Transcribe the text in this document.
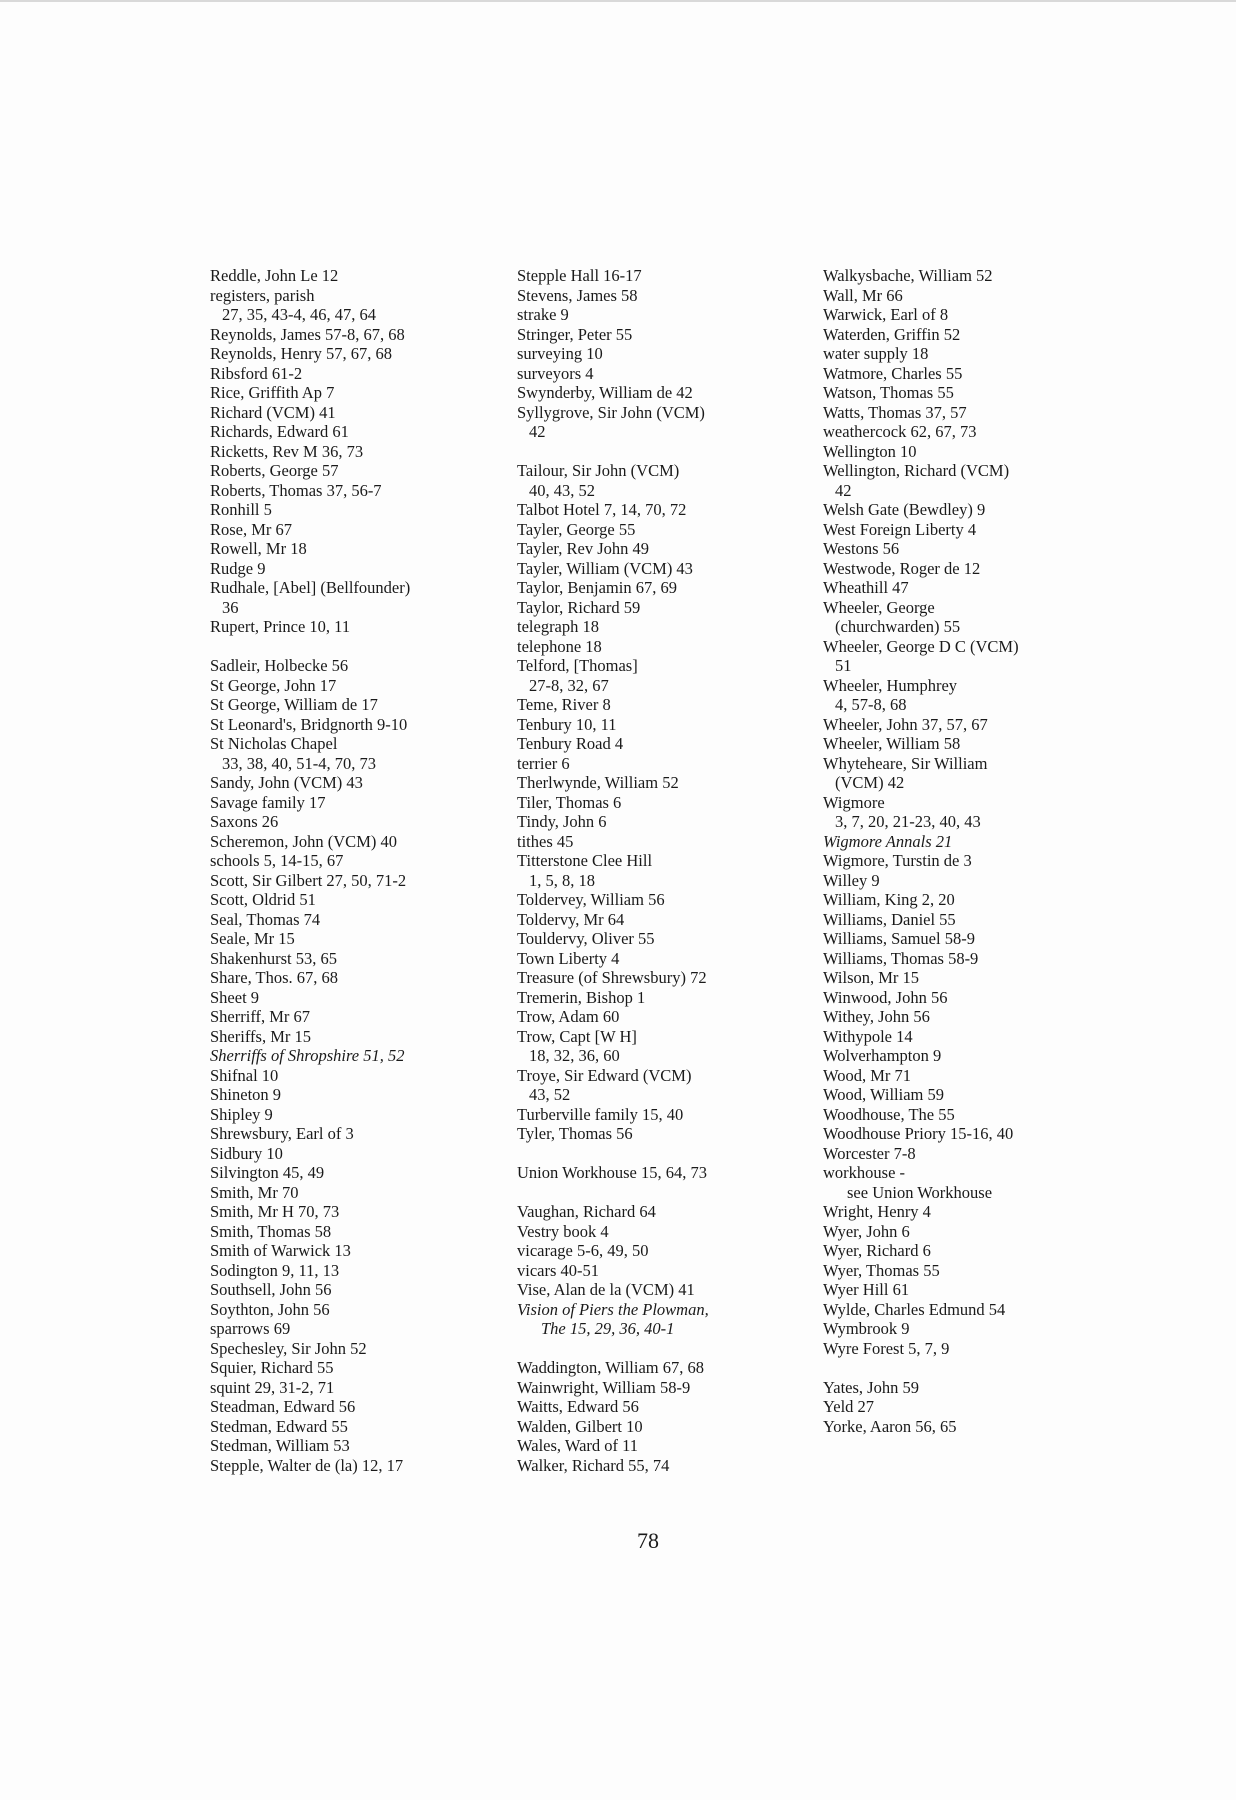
Reddle, John Le 12
registers, parish
27, 35, 43-4, 46, 47, 64
Reynolds, James 57-8, 67, 68
Reynolds, Henry 57, 67, 68
Ribsford 61-2
Rice, Griffith Ap 7
Richard (VCM) 41
Richards, Edward 61
Ricketts, Rev M 36, 73
Roberts, George 57
Roberts, Thomas 37, 56-7
Ronhill 5
Rose, Mr 67
Rowell, Mr 18
Rudge 9
Rudhale, [Abel] (Bellfounder)
36
Rupert, Prince 10, 11
Sadleir, Holbecke 56
St George, John 17
St George, William de 17
St Leonard's, Bridgnorth 9-10
St Nicholas Chapel
33, 38, 40, 51-4, 70, 73
Sandy, John (VCM) 43
Savage family 17
Saxons 26
Scheremon, John (VCM) 40
schools 5, 14-15, 67
Scott, Sir Gilbert 27, 50, 71-2
Scott, Oldrid 51
Seal, Thomas 74
Seale, Mr 15
Shakenhurst 53, 65
Share, Thos. 67, 68
Sheet 9
Sherriff, Mr 67
Sheriffs, Mr 15
Sherriffs of Shropshire 51, 52
Shifnal 10
Shineton 9
Shipley 9
Shrewsbury, Earl of 3
Sidbury 10
Silvington 45, 49
Smith, Mr 70
Smith, Mr H 70, 73
Smith, Thomas 58
Smith of Warwick 13
Sodington 9, 11, 13
Southsell, John 56
Soythton, John 56
sparrows 69
Spechesley, Sir John 52
Squier, Richard 55
squint 29, 31-2, 71
Steadman, Edward 56
Stedman, Edward 55
Stedman, William 53
Stepple, Walter de (la) 12, 17
Stepple Hall 16-17
Stevens, James 58
strake 9
Stringer, Peter 55
surveying 10
surveyors 4
Swynderby, William de 42
Syllygrove, Sir John (VCM)
42
Tailour, Sir John (VCM)
40, 43, 52
Talbot Hotel 7, 14, 70, 72
Tayler, George 55
Tayler, Rev John 49
Tayler, William (VCM) 43
Taylor, Benjamin 67, 69
Taylor, Richard 59
telegraph 18
telephone 18
Telford, [Thomas]
27-8, 32, 67
Teme, River 8
Tenbury 10, 11
Tenbury Road 4
terrier 6
Therlwynde, William 52
Tiler, Thomas 6
Tindy, John 6
tithes 45
Titterstone Clee Hill
1, 5, 8, 18
Toldervey, William 56
Toldervy, Mr 64
Touldervy, Oliver 55
Town Liberty 4
Treasure (of Shrewsbury) 72
Tremerin, Bishop 1
Trow, Adam 60
Trow, Capt [W H]
18, 32, 36, 60
Troye, Sir Edward (VCM)
43, 52
Turberville family 15, 40
Tyler, Thomas 56
Union Workhouse 15, 64, 73
Vaughan, Richard 64
Vestry book 4
vicarage 5-6, 49, 50
vicars 40-51
Vise, Alan de la (VCM) 41
Vision of Piers the Plowman,
The 15, 29, 36, 40-1
Waddington, William 67, 68
Wainwright, William 58-9
Waitts, Edward 56
Walden, Gilbert 10
Wales, Ward of 11
Walker, Richard 55, 74
Walkysbache, William 52
Wall, Mr 66
Warwick, Earl of 8
Waterden, Griffin 52
water supply 18
Watmore, Charles 55
Watson, Thomas 55
Watts, Thomas 37, 57
weathercock 62, 67, 73
Wellington 10
Wellington, Richard (VCM)
42
Welsh Gate (Bewdley) 9
West Foreign Liberty 4
Westons 56
Westwode, Roger de 12
Wheathill 47
Wheeler, George
(churchwarden) 55
Wheeler, George D C (VCM)
51
Wheeler, Humphrey
4, 57-8, 68
Wheeler, John 37, 57, 67
Wheeler, William 58
Whyteheare, Sir William
(VCM) 42
Wigmore
3, 7, 20, 21-23, 40, 43
Wigmore Annals 21
Wigmore, Turstin de 3
Willey 9
William, King 2, 20
Williams, Daniel 55
Williams, Samuel 58-9
Williams, Thomas 58-9
Wilson, Mr 15
Winwood, John 56
Withey, John 56
Withypole 14
Wolverhampton 9
Wood, Mr 71
Wood, William 59
Woodhouse, The 55
Woodhouse Priory 15-16, 40
Worcester 7-8
workhouse -
see Union Workhouse
Wright, Henry 4
Wyer, John 6
Wyer, Richard 6
Wyer, Thomas 55
Wyer Hill 61
Wylde, Charles Edmund 54
Wymbrook 9
Wyre Forest 5, 7, 9
Yates, John 59
Yeld 27
Yorke, Aaron 56, 65
78
